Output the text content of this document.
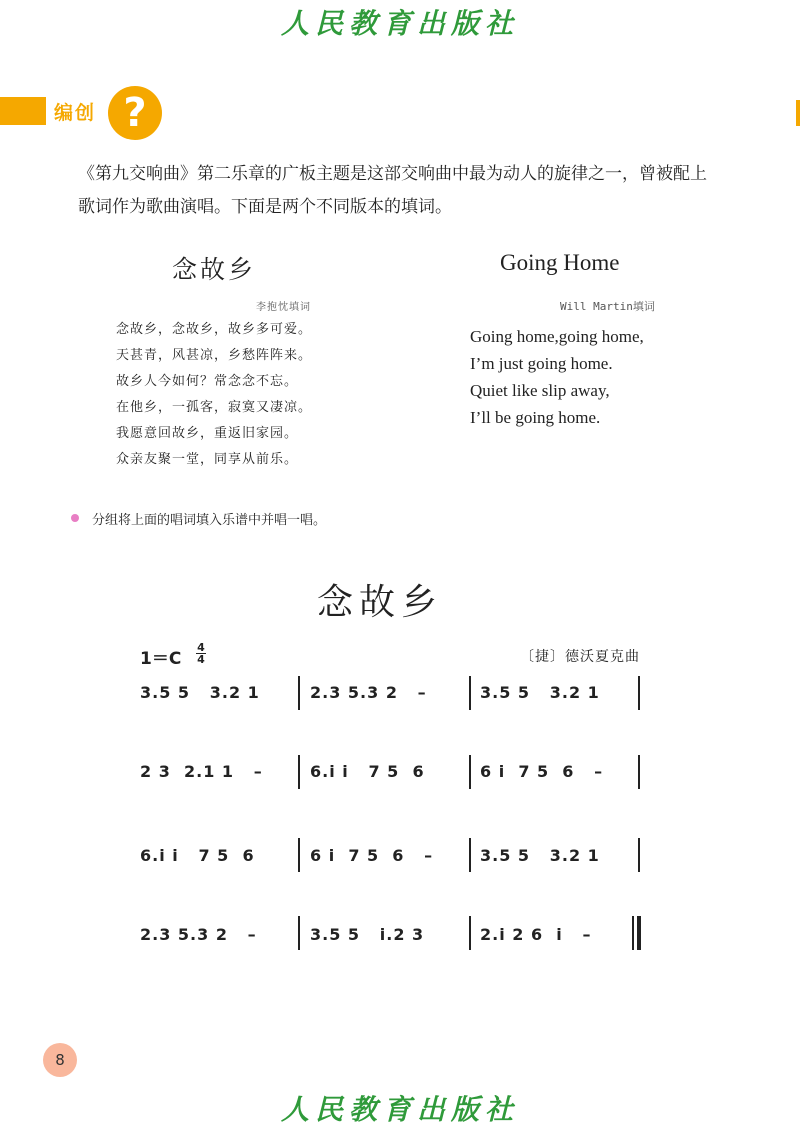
人民教育出版社
编创 ?
《第九交响曲》第二乐章的广板主题是这部交响曲中最为动人的旋律之一，曾被配上歌词作为歌曲演唱。下面是两个不同版本的填词。
念故乡
李抱忱填词
念故乡，念故乡，故乡多可爱。
天甚青，风甚凉，乡愁阵阵来。
故乡人今如何？常念念不忘。
在他乡，一孤客，寂寞又凄凉。
我愿意回故乡，重返旧家园。
众亲友聚一堂，同享从前乐。
Going Home
Will Martin填词
Going home,going home,
I’m just going home.
Quiet like slip away,
I’ll be going home.
分组将上面的唱词填入乐谱中并唱一唱。
念故乡
1＝C
4
4	〔捷〕德沃夏克曲
3.5 5   3.2 1	2.3 5.3 2   –	3.5 5   3.2 1
2 3  2.1 1   –	6.i i   7 5  6	6 i  7 5  6   –
6.i i   7 5  6	6 i  7 5  6   –	3.5 5   3.2 1
2.3 5.3 2   –	3.5 5   i.2 3	2.i 2 6  i   –
8
人民教育出版社
